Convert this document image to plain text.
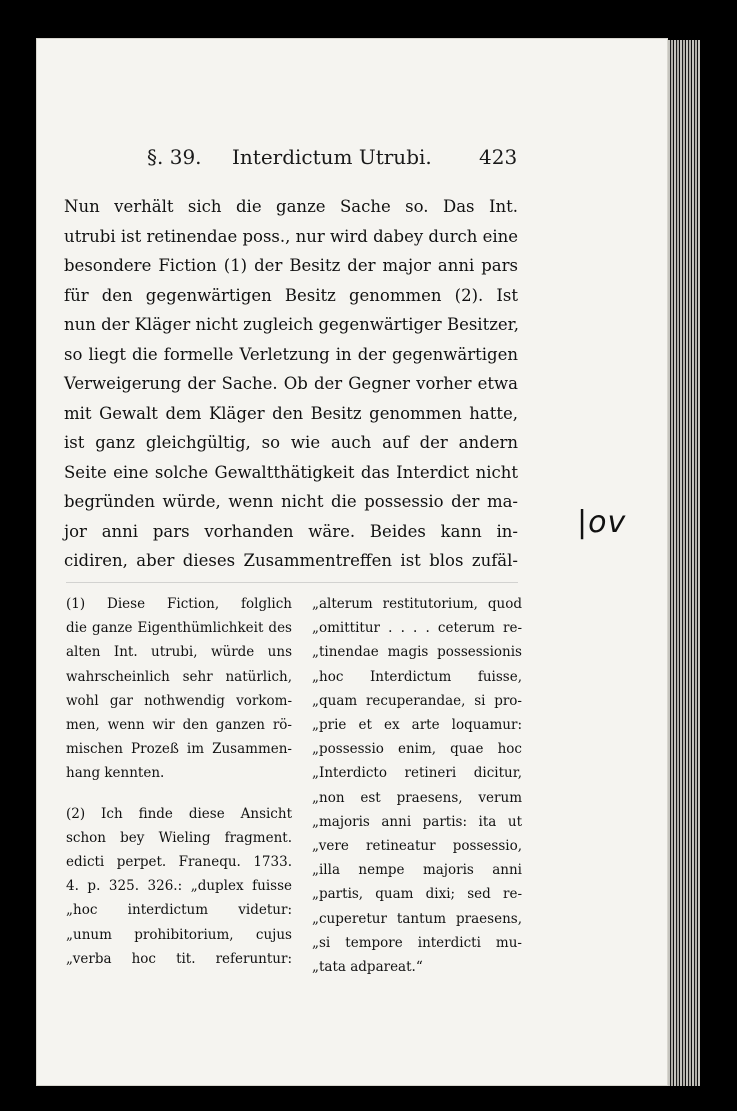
§. 39. Interdictum Utrubi. 423
Nun verhält sich die ganze Sache so. Das Int.
utrubi ist retinendae poss., nur wird dabey durch eine
besondere Fiction (1) der Besitz der major anni pars
für den gegenwärtigen Besitz genommen (2). Ist
nun der Kläger nicht zugleich gegenwärtiger Besitzer,
so liegt die formelle Verletzung in der gegenwärtigen
Verweigerung der Sache. Ob der Gegner vorher etwa
mit Gewalt dem Kläger den Besitz genommen hatte,
ist ganz gleichgültig, so wie auch auf der andern
Seite eine solche Gewaltthätigkeit das Interdict nicht
begründen würde, wenn nicht die possessio der ma-
jor anni pars vorhanden wäre. Beides kann in-
cidiren, aber dieses Zusammentreffen ist blos zufäl-
|ov
(1) Diese Fiction, folglich
die ganze Eigenthümlichkeit des
alten Int. utrubi, würde uns
wahrscheinlich sehr natürlich,
wohl gar nothwendig vorkom-
men, wenn wir den ganzen rö-
mischen Prozeß im Zusammen-
hang kennten.
(2) Ich finde diese Ansicht
schon bey Wieling fragment.
edicti perpet. Franequ. 1733.
4. p. 325. 326.: „duplex fuisse
„hoc interdictum videtur:
„unum prohibitorium, cujus
„verba hoc tit. referuntur:
„alterum restitutorium, quod
„omittitur . . . . ceterum re-
„tinendae magis possessionis
„hoc Interdictum fuisse,
„quam recuperandae, si pro-
„prie et ex arte loquamur:
„possessio enim, quae hoc
„Interdicto retineri dicitur,
„non est praesens, verum
„majoris anni partis: ita ut
„vere retineatur possessio,
„illa nempe majoris anni
„partis, quam dixi; sed re-
„cuperetur tantum praesens,
„si tempore interdicti mu-
„tata adpareat.“
